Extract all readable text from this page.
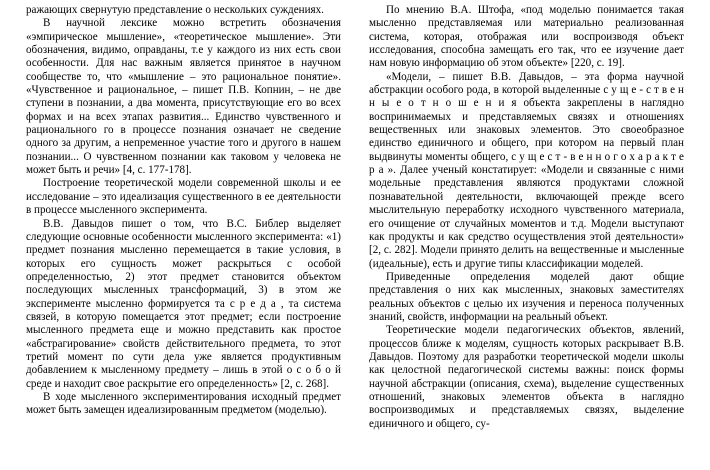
ражающих свернутую представление о нескольких суждениях.

В научной лексике можно встретить обозначения «эмпирическое мышление», «теоретическое мышление». Эти обозначения, видимо, оправданы, т.е у каждого из них есть свои особенности. Для нас важным является принятое в научном сообществе то, что «мышление – это рациональное понятие». «Чувственное и рациональное, – пишет П.В. Копнин, – не две ступени в познании, а два момента, присутствующие его во всех формах и на всех этапах развития... Единство чувственного и рационального го в процессе познания означает не сведение одного за другим, а непременное участие того и другого в нашем познании... О чувственном познании как таковом у человека не может быть и речи» [4, с. 177-178].

Построение теоретической модели современной школы и ее исследование – это идеализация существенного в ее деятельности в процессе мысленного эксперимента.

В.В. Давыдов пишет о том, что В.С. Библер выделяет следующие основные особенности мысленного эксперимента: «1) предмет познания мысленно перемещается в такие условия, в которых его сущность может раскрыться с особой определенностью, 2) этот предмет становится объектом последующих мысленных трансформаций, 3) в этом же эксперименте мысленно формируется та с р е д а , та система связей, в которую помещается этот предмет; если построение мысленного предмета еще и можно представить как простое «абстрагирование» свойств действительного предмета, то этот третий момент по сути дела уже является продуктивным добавлением к мысленному предмету – лишь в этой о с о б о й среде и находит свое раскрытие его определенность» [2, с. 268].

В ходе мысленного экспериментирования исходный предмет может быть замещен идеализированным предметом (моделью).

По мнению В.А. Штофа, «под моделью понимается такая мысленно представляемая или материально реализованная система, которая, отображая или воспроизводя объект исследования, способна замещать его так, что ее изучение дает нам новую информацию об этом объекте» [220, с. 19].

«Модели, – пишет В.В. Давыдов, – эта форма научной абстракции особого рода, в которой выделенные с у щ е - с т в е н н ы е о т н о ш е н и я объекта закреплены в наглядно воспринимаемых и представляемых связях и отношениях вещественных или знаковых элементов. Это своеобразное единство единичного и общего, при котором на первый план выдвинуты моменты общего, с у щ е с т - в е н н о г о х а р а к т е р а ». Далее ученый констатирует: «Модели и связанные с ними модельные представления являются продуктами сложной познавательной деятельности, включающей прежде всего мыслительную переработку исходного чувственного материала, его очищение от случайных моментов и т.д. Модели выступают как продукты и как средство осуществления этой деятельности» [2, с. 282]. Модели принято делить на вещественные и мысленные (идеальные), есть и другие типы классификации моделей.

Приведенные определения моделей дают общие представления о них как мысленных, знаковых заместителях реальных объектов с целью их изучения и переноса полученных знаний, свойств, информации на реальный объект.

Теоретические модели педагогических объектов, явлений, процессов ближе к моделям, сущность которых раскрывает В.В. Давыдов. Поэтому для разработки теоретической модели школы как целостной педагогической системы важны: поиск формы научной абстракции (описания, схема), выделение существенных отношений, знаковых элементов объекта в наглядно воспроизводимых и представляемых связях, выделение единичного и общего, су-
